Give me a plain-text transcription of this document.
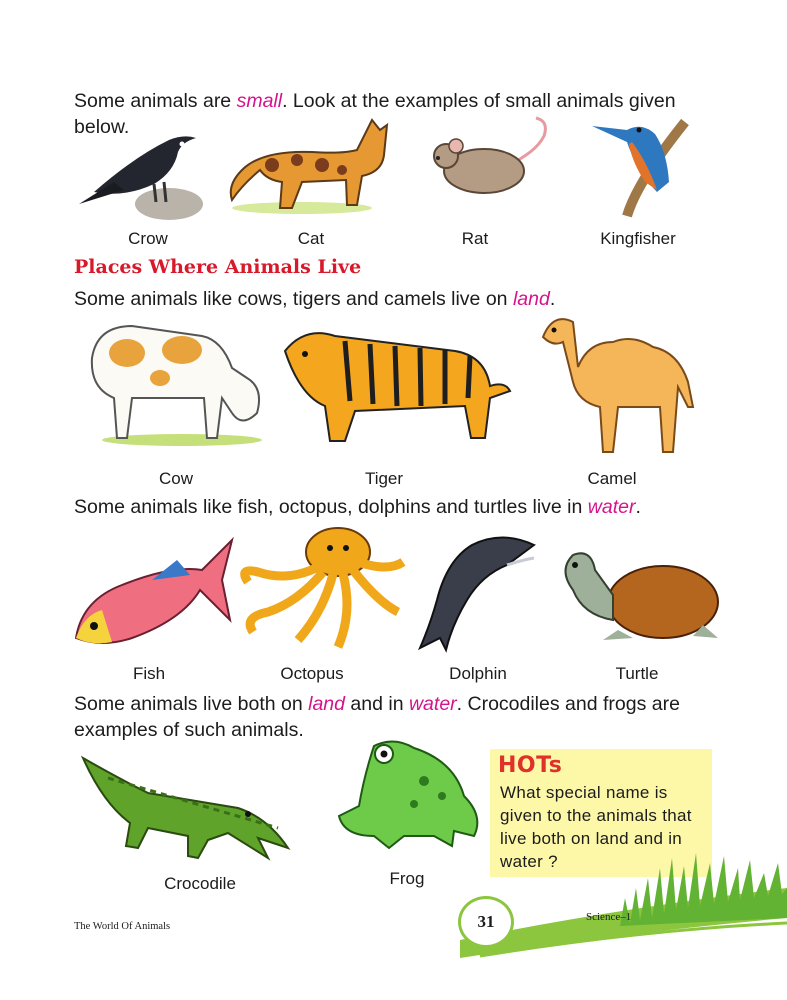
Some animals are small. Look at the examples of small animals given below.

Crow	Cat	Rat	Kingfisher
Places Where Animals Live

Some animals like cows, tigers and camels live on land.

Cow	Tiger	Camel

Some animals like fish, octopus, dolphins and turtles live in water.

Fish	Octopus	Dolphin	Turtle

Some animals live both on land and in water. Crocodiles and frogs are examples of such animals.

Crocodile	Frog
HOTs
What special name is given to the animals that live both on land and in water ?
The World Of Animals	31	Science–1
